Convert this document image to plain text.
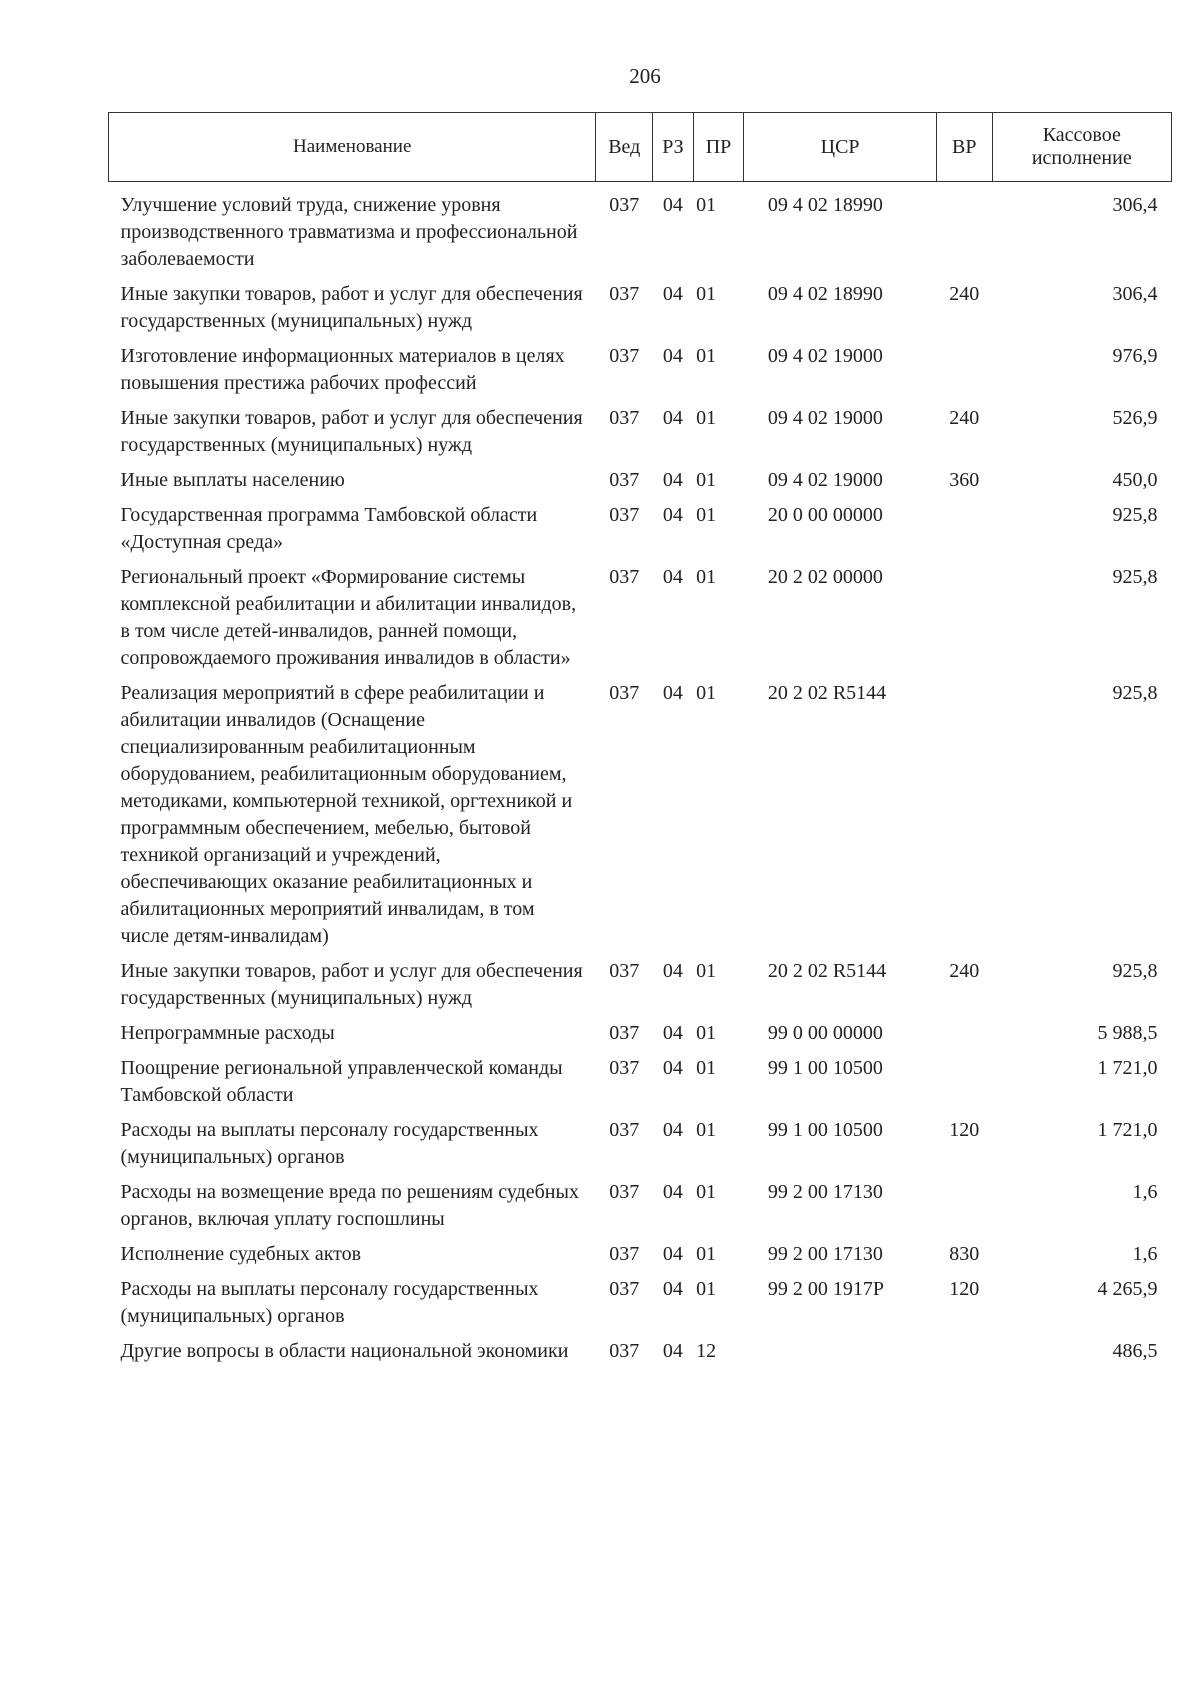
206
Наименование	Вед	РЗ	ПР	ЦСР	ВР	Кассовое
исполнение
Улучшение условий труда, снижение уровня производственного травматизма и профессиональной заболеваемости	037	04	01	09 4 02 18990		306,4
Иные закупки товаров, работ и услуг для обеспечения государственных (муниципальных) нужд	037	04	01	09 4 02 18990	240	306,4
Изготовление информационных материалов в целях повышения престижа рабочих профессий	037	04	01	09 4 02 19000		976,9
Иные закупки товаров, работ и услуг для обеспечения государственных (муниципальных) нужд	037	04	01	09 4 02 19000	240	526,9
Иные выплаты населению	037	04	01	09 4 02 19000	360	450,0
Государственная программа Тамбовской области «Доступная среда»	037	04	01	20 0 00 00000		925,8
Региональный проект «Формирование системы комплексной реабилитации и абилитации инвалидов, в том числе детей-инвалидов, ранней помощи, сопровождаемого проживания инвалидов в области»	037	04	01	20 2 02 00000		925,8
Реализация мероприятий в сфере реабилитации и абилитации инвалидов (Оснащение специализированным реабилитационным оборудованием, реабилитационным оборудованием, методиками, компьютерной техникой, оргтехникой и программным обеспечением, мебелью, бытовой техникой организаций и учреждений, обеспечивающих оказание реабилитационных и абилитационных мероприятий инвалидам, в том числе детям-инвалидам)	037	04	01	20 2 02 R5144		925,8
Иные закупки товаров, работ и услуг для обеспечения государственных (муниципальных) нужд	037	04	01	20 2 02 R5144	240	925,8
Непрограммные расходы	037	04	01	99 0 00 00000		5 988,5
Поощрение региональной управленческой команды Тамбовской области	037	04	01	99 1 00 10500		1 721,0
Расходы на выплаты персоналу государственных (муниципальных) органов	037	04	01	99 1 00 10500	120	1 721,0
Расходы на возмещение вреда по решениям судебных органов, включая уплату госпошлины	037	04	01	99 2 00 17130		1,6
Исполнение судебных актов	037	04	01	99 2 00 17130	830	1,6
Расходы на выплаты персоналу государственных (муниципальных) органов	037	04	01	99 2 00 1917Р	120	4 265,9
Другие вопросы в области национальной экономики	037	04	12			486,5
